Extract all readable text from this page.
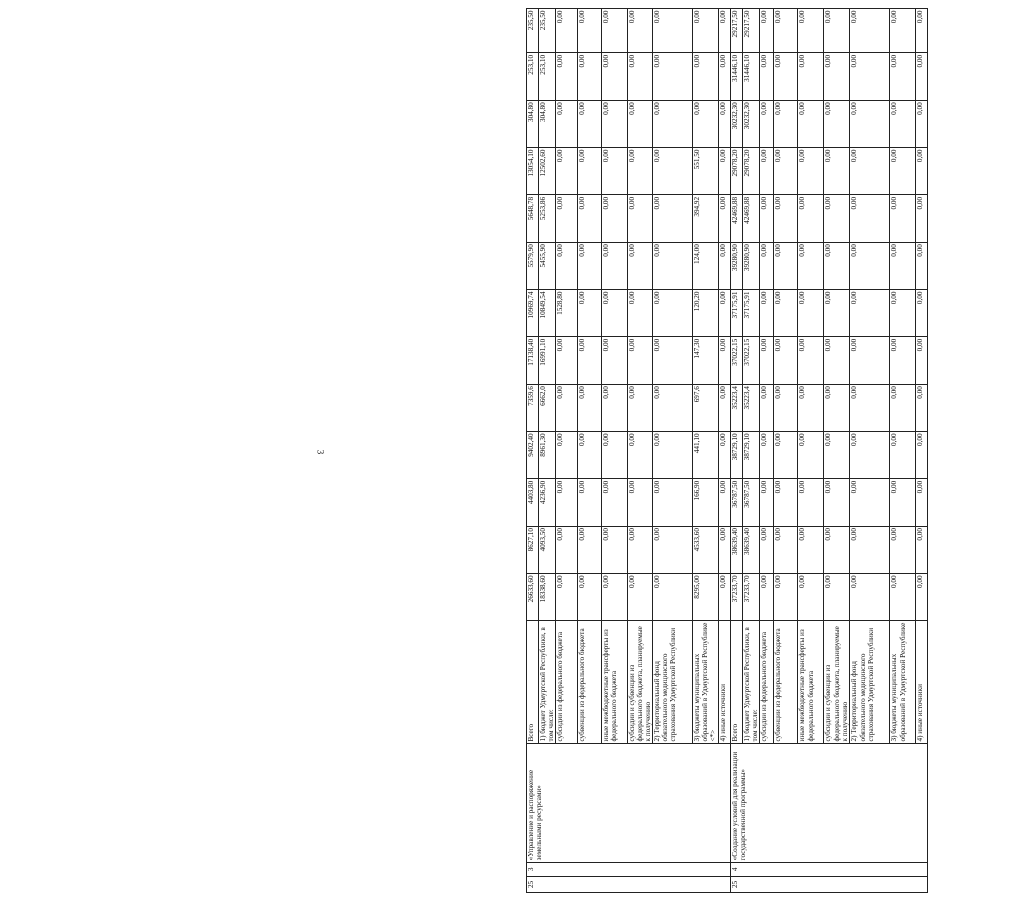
3
25	3	«Управление и распоряжение земельными ресурсами»	Всего	26633,60	8627,10	4403,80	9402,40	7359,6	17138,40	10969,74	5579,90	5648,78	13054,10	304,80	253,10	235,50
			1) бюджет Удмуртской Республики, в том числе:	18338,60	4093,50	4236,90	8961,30	6662,0	16991,10	10849,54	5455,90	5253,86	12502,60	304,80	253,10	235,50
			субсидии из федерального бюджета	0,00	0,00	0,00	0,00	0,00	0,00	1528,80	0,00	0,00	0,00	0,00	0,00	0,00
			субвенции из федерального бюджета	0,00	0,00	0,00	0,00	0,00	0,00	0,00	0,00	0,00	0,00	0,00	0,00	0,00
			иные межбюджетные трансферты из федерального бюджета	0,00	0,00	0,00	0,00	0,00	0,00	0,00	0,00	0,00	0,00	0,00	0,00	0,00
			субсидии и субвенции из федерального бюджета, планируемые к получению	0,00	0,00	0,00	0,00	0,00	0,00	0,00	0,00	0,00	0,00	0,00	0,00	0,00
			2) Территориальный фонд обязательного медицинского страхования Удмуртской Республики	0,00	0,00	0,00	0,00	0,00	0,00	0,00	0,00	0,00	0,00	0,00	0,00	0,00
			3) бюджеты муниципальных образований в Удмуртской Республике <*>	8295,00	4533,60	166,90	441,10	697,6	147,30	120,20	124,00	394,92	551,50	0,00	0,00	0,00
			4) иные источники	0,00	0,00	0,00	0,00	0,00	0,00	0,00	0,00	0,00	0,00	0,00	0,00	0,00
25	4	«Создание условий для реализации государственной программы»	Всего	37233,70	38639,40	36787,50	38729,10	35223,4	37022,15	37175,91	39280,90	42469,88	29078,20	30232,30	31446,10	29217,50
			1) бюджет Удмуртской Республики, в том числе:	37233,70	38639,40	36787,50	38729,10	35223,4	37022,15	37175,91	39280,90	42469,88	29078,20	30232,30	31446,10	29217,50
			субсидии из федерального бюджета	0,00	0,00	0,00	0,00	0,00	0,00	0,00	0,00	0,00	0,00	0,00	0,00	0,00
			субвенции из федерального бюджета	0,00	0,00	0,00	0,00	0,00	0,00	0,00	0,00	0,00	0,00	0,00	0,00	0,00
			иные межбюджетные трансферты из федерального бюджета	0,00	0,00	0,00	0,00	0,00	0,00	0,00	0,00	0,00	0,00	0,00	0,00	0,00
			субсидии и субвенции из федерального бюджета, планируемые к получению	0,00	0,00	0,00	0,00	0,00	0,00	0,00	0,00	0,00	0,00	0,00	0,00	0,00
			2) Территориальный фонд обязательного медицинского страхования Удмуртской Республики	0,00	0,00	0,00	0,00	0,00	0,00	0,00	0,00	0,00	0,00	0,00	0,00	0,00
			3) бюджеты муниципальных образований в Удмуртской Республике	0,00	0,00	0,00	0,00	0,00	0,00	0,00	0,00	0,00	0,00	0,00	0,00	0,00
			4) иные источники	0,00	0,00	0,00	0,00	0,00	0,00	0,00	0,00	0,00	0,00	0,00	0,00	0,00
